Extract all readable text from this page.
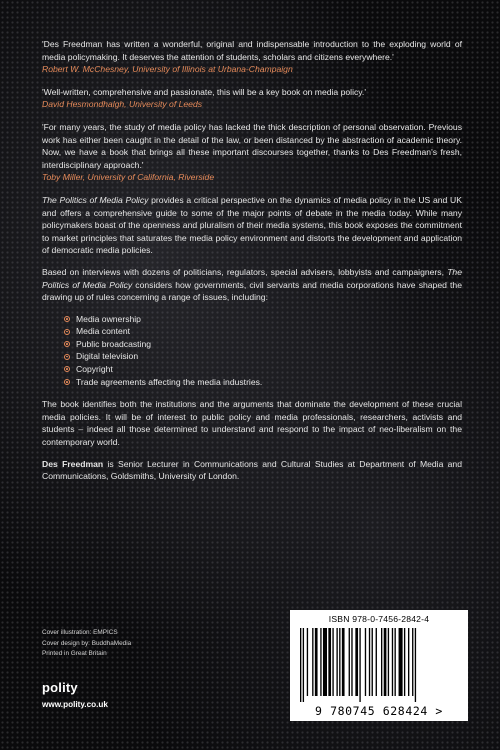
'Des Freedman has written a wonderful, original and indispensable introduction to the exploding world of media policymaking. It deserves the attention of students, scholars and citizens everywhere.'

Robert W. McChesney, University of Illinois at Urbana-Champaign

'Well-written, comprehensive and passionate, this will be a key book on media policy.'

David Hesmondhalgh, University of Leeds

'For many years, the study of media policy has lacked the thick description of personal observation. Previous work has either been caught in the detail of the law, or been distanced by the abstraction of academic theory. Now, we have a book that brings all these important discourses together, thanks to Des Freedman's fresh, interdisciplinary approach.'

Toby Miller, University of California, Riverside

The Politics of Media Policy provides a critical perspective on the dynamics of media policy in the US and UK and offers a comprehensive guide to some of the major points of debate in the media today. While many policymakers boast of the openness and pluralism of their media systems, this book exposes the commitment to market principles that saturates the media policy environment and distorts the development and application of democratic media policies.

Based on interviews with dozens of politicians, regulators, special advisers, lobbyists and campaigners, The Politics of Media Policy considers how governments, civil servants and media corporations have shaped the drawing up of rules concerning a range of issues, including:

Media ownership
Media content
Public broadcasting
Digital television
Copyright
Trade agreements affecting the media industries.

The book identifies both the institutions and the arguments that dominate the development of these crucial media policies. It will be of interest to public policy and media professionals, researchers, activists and students – indeed all those determined to understand and respond to the impact of neo-liberalism on the contemporary world.

Des Freedman is Senior Lecturer in Communications and Cultural Studies at Department of Media and Communications, Goldsmiths, University of London.

Cover illustration: EMPICS
Cover design by: BuddhaMedia
Printed in Great Britain
polity
www.polity.co.uk
ISBN 978-0-7456-2842-4
9 780745 628424 >
